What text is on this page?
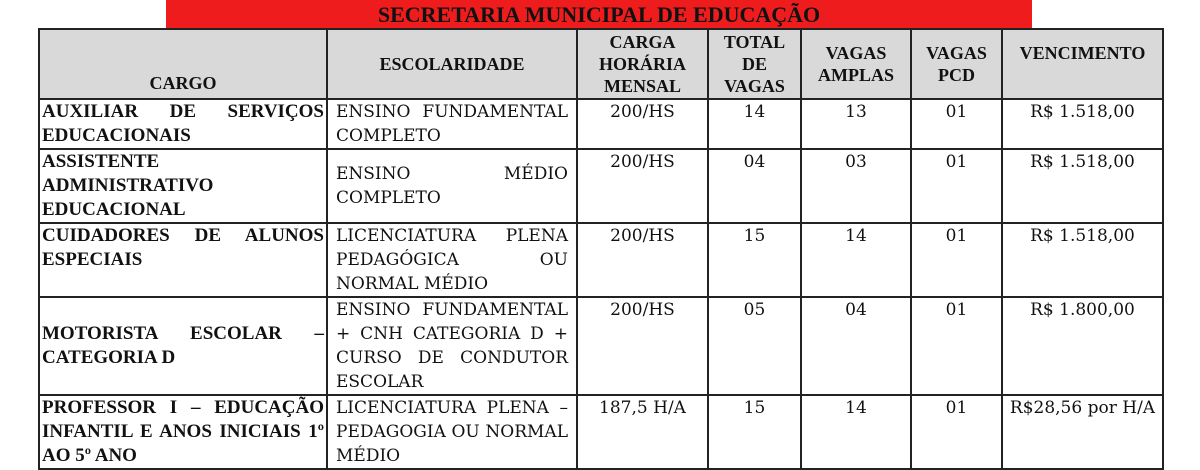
SECRETARIA MUNICIPAL DE EDUCAÇÃO
CARGO	ESCOLARIDADE	CARGA HORÁRIA MENSAL	TOTAL DE VAGAS	VAGAS AMPLAS	VAGAS PCD	VENCIMENTO
AUXILIAR DE SERVIÇOS EDUCACIONAIS	ENSINO FUNDAMENTAL COMPLETO	200/HS	14	13	01	R$ 1.518,00
ASSISTENTE ADMINISTRATIVO EDUCACIONAL	ENSINO MÉDIO COMPLETO	200/HS	04	03	01	R$ 1.518,00
CUIDADORES DE ALUNOS ESPECIAIS	LICENCIATURA PLENA PEDAGÓGICA OU NORMAL MÉDIO	200/HS	15	14	01	R$ 1.518,00
MOTORISTA ESCOLAR – CATEGORIA D	ENSINO FUNDAMENTAL + CNH CATEGORIA D + CURSO DE CONDUTOR ESCOLAR	200/HS	05	04	01	R$ 1.800,00
PROFESSOR I – EDUCAÇÃO INFANTIL E ANOS INICIAIS 1º AO 5º ANO	LICENCIATURA PLENA – PEDAGOGIA OU NORMAL MÉDIO	187,5 H/A	15	14	01	R$28,56 por H/A
